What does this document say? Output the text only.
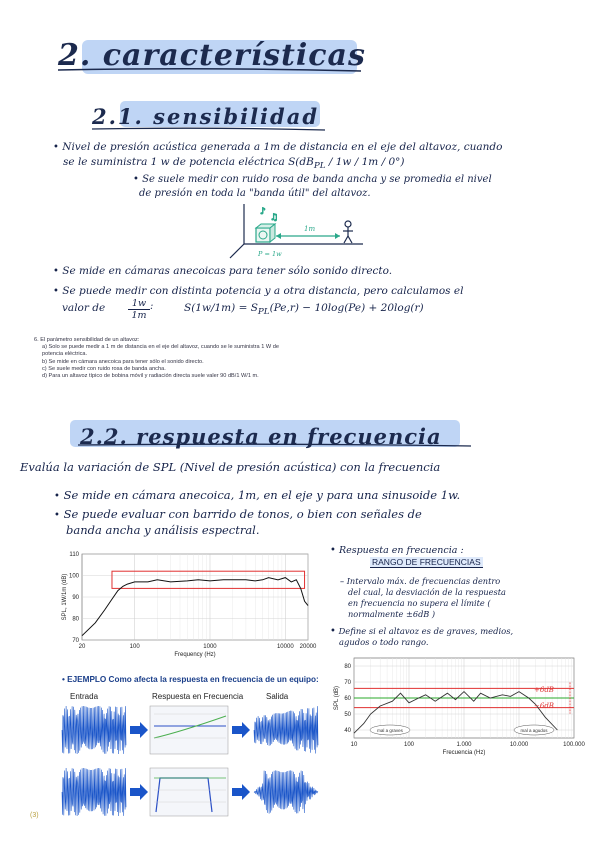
2. características
2.1. sensibilidad
• Nivel de presión acústica generada a 1m de distancia en el eje del altavoz, cuando
se le suministra 1 w de potencia eléctrica $S(dB_{PL} / 1w / 1m / 0^\circ)$
• Se suele medir con ruido rosa de banda ancha y se promedia el nivel
de presión en toda la "banda útil" del altavoz.
♪
♫
1m
P = 1w
• Se mide en cámaras anecoicas para tener sólo sonido directo.
• Se puede medir con distinta potencia y a otra distancia, pero calculamos el
valor de $\frac{1w}{1m}$ :	$S(1w/1m) = S_{PL}(Pe,r) - 10\log(Pe) + 20\log(r)$
6. El parámetro sensibilidad de un altavoz:
a) Solo se puede medir a 1 m de distancia en el eje del altavoz, cuando se le suministra 1 W de potencia eléctrica.
b) Se mide en cámara anecoica para tener sólo el sonido directo.
c) Se suele medir con ruido rosa de banda ancha.
d) Para un altavoz típico de bobina móvil y radiación directa suele valer 90 dB/1 W/1 m.
2.2. respuesta en frecuencia
Evalúa la variación de SPL (Nivel de presión acústica) con la frecuencia
• Se mide en cámara anecoica, 1m, en el eje y para una sinusoide 1w.
• Se puede evaluar con barrido de tonos, o bien con señales de
banda ancha y análisis espectral.
70
80
90
100
110
20	100	1000	10000 20000
Frequency (Hz)
SPL, 1W/1m (dB)
• Respuesta en frecuencia :
RANGO DE FRECUENCIAS
– Intervalo máx. de frecuencias dentro
del cual, la desviación de la respuesta
en frecuencia no supera el límite (
normalmente ±6dB )
• Define si el altavoz es de graves, medios,
agudos o todo rango.
• EJEMPLO Como afecta la respuesta en frecuencia de un equipo:
Entrada	Respuesta en Frecuencia	Salida
40
50
60
70
80
10	100	1.000	10.000	100.000
Frecuencia (Hz)
SPL (dB)
mal a graves	mal a agudos
+6dB
−6dB
(3)
